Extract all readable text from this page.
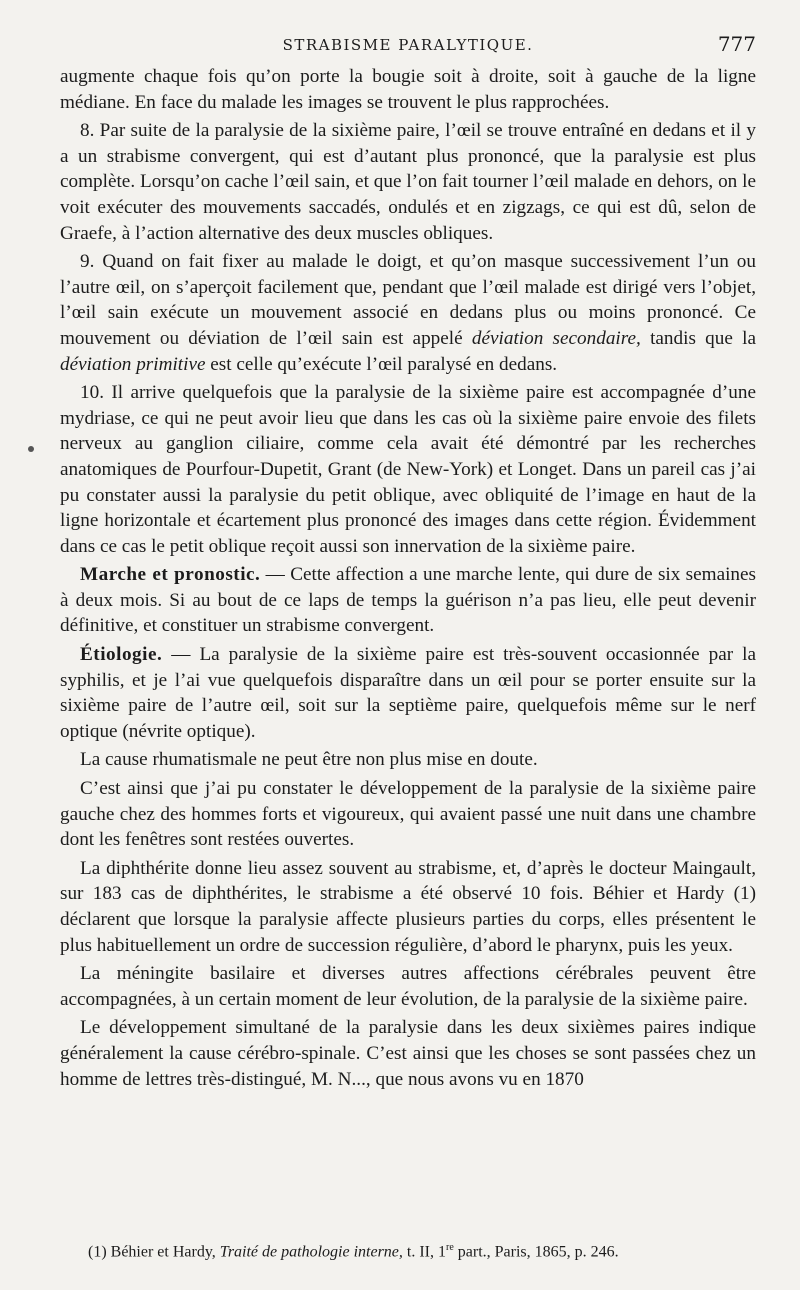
STRABISME PARALYTIQUE.	777

augmente chaque fois qu’on porte la bougie soit à droite, soit à gauche de la ligne médiane. En face du malade les images se trouvent le plus rapprochées.

8. Par suite de la paralysie de la sixième paire, l’œil se trouve entraîné en dedans et il y a un strabisme convergent, qui est d’autant plus prononcé, que la paralysie est plus complète. Lorsqu’on cache l’œil sain, et que l’on fait tourner l’œil malade en dehors, on le voit exécuter des mouvements saccadés, ondulés et en zigzags, ce qui est dû, selon de Graefe, à l’action alternative des deux muscles obliques.

9. Quand on fait fixer au malade le doigt, et qu’on masque successivement l’un ou l’autre œil, on s’aperçoit facilement que, pendant que l’œil malade est dirigé vers l’objet, l’œil sain exécute un mouvement associé en dedans plus ou moins prononcé. Ce mouvement ou déviation de l’œil sain est appelé déviation secondaire, tandis que la déviation primitive est celle qu’exécute l’œil paralysé en dedans.

10. Il arrive quelquefois que la paralysie de la sixième paire est accompagnée d’une mydriase, ce qui ne peut avoir lieu que dans les cas où la sixième paire envoie des filets nerveux au ganglion ciliaire, comme cela avait été démontré par les recherches anatomiques de Pourfour-Dupetit, Grant (de New-York) et Longet. Dans un pareil cas j’ai pu constater aussi la paralysie du petit oblique, avec obliquité de l’image en haut de la ligne horizontale et écartement plus prononcé des images dans cette région. Évidemment dans ce cas le petit oblique reçoit aussi son innervation de la sixième paire.

Marche et pronostic. — Cette affection a une marche lente, qui dure de six semaines à deux mois. Si au bout de ce laps de temps la guérison n’a pas lieu, elle peut devenir définitive, et constituer un strabisme convergent.

Étiologie. — La paralysie de la sixième paire est très-souvent occasionnée par la syphilis, et je l’ai vue quelquefois disparaître dans un œil pour se porter ensuite sur la sixième paire de l’autre œil, soit sur la septième paire, quelquefois même sur le nerf optique (névrite optique).

La cause rhumatismale ne peut être non plus mise en doute.

C’est ainsi que j’ai pu constater le développement de la paralysie de la sixième paire gauche chez des hommes forts et vigoureux, qui avaient passé une nuit dans une chambre dont les fenêtres sont restées ouvertes.

La diphthérite donne lieu assez souvent au strabisme, et, d’après le docteur Maingault, sur 183 cas de diphthérites, le strabisme a été observé 10 fois. Béhier et Hardy (1) déclarent que lorsque la paralysie affecte plusieurs parties du corps, elles présentent le plus habituellement un ordre de succession régulière, d’abord le pharynx, puis les yeux.

La méningite basilaire et diverses autres affections cérébrales peuvent être accompagnées, à un certain moment de leur évolution, de la paralysie de la sixième paire.

Le développement simultané de la paralysie dans les deux sixièmes paires indique généralement la cause cérébro-spinale. C’est ainsi que les choses se sont passées chez un homme de lettres très-distingué, M. N..., que nous avons vu en 1870

(1) Béhier et Hardy, Traité de pathologie interne, t. II, 1re part., Paris, 1865, p. 246.
